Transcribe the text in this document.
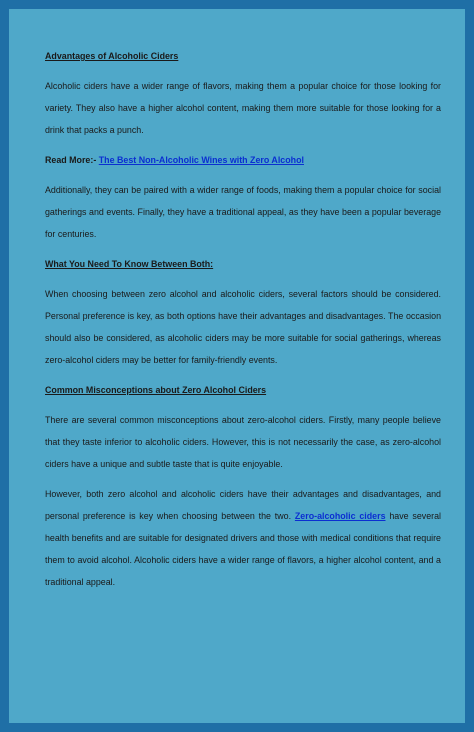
Advantages of Alcoholic Ciders

Alcoholic ciders have a wider range of flavors, making them a popular choice for those looking for variety. They also have a higher alcohol content, making them more suitable for those looking for a drink that packs a punch.

Read More:- The Best Non-Alcoholic Wines with Zero Alcohol

Additionally, they can be paired with a wider range of foods, making them a popular choice for social gatherings and events. Finally, they have a traditional appeal, as they have been a popular beverage for centuries.

What You Need To Know Between Both:

When choosing between zero alcohol and alcoholic ciders, several factors should be considered. Personal preference is key, as both options have their advantages and disadvantages. The occasion should also be considered, as alcoholic ciders may be more suitable for social gatherings, whereas zero-alcohol ciders may be better for family-friendly events.

Common Misconceptions about Zero Alcohol Ciders

There are several common misconceptions about zero-alcohol ciders. Firstly, many people believe that they taste inferior to alcoholic ciders. However, this is not necessarily the case, as zero-alcohol ciders have a unique and subtle taste that is quite enjoyable.

However, both zero alcohol and alcoholic ciders have their advantages and disadvantages, and personal preference is key when choosing between the two. Zero-alcoholic ciders have several health benefits and are suitable for designated drivers and those with medical conditions that require them to avoid alcohol. Alcoholic ciders have a wider range of flavors, a higher alcohol content, and a traditional appeal.
